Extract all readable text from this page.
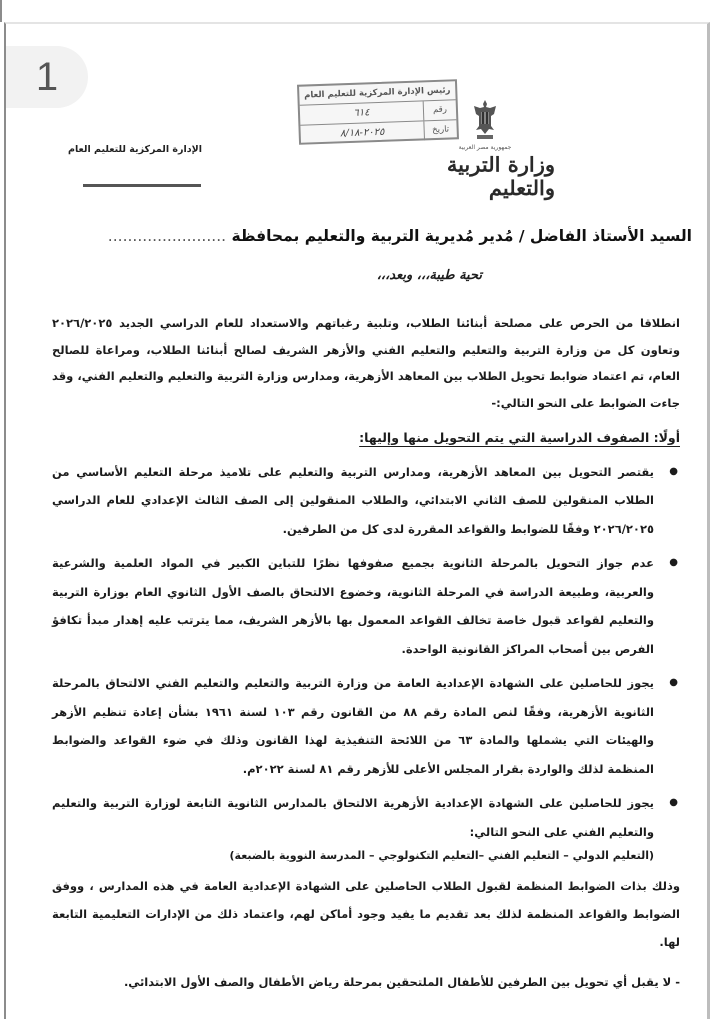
1
جمهورية مصر العربية
وزارة التربية والتعليم
رئيس الإدارة المركزية للتعليم العام
رقم
٦١٤
تاريخ
٢٠٢٥-٨/١٨
الإدارة المركزية للتعليم العام
السيد الأستاذ الفاضل / مُدير مُديرية التربية والتعليم بمحافظة ........................
تحية طيبة،،، وبعد،،،

انطلاقا من الحرص على مصلحة أبنائنا الطلاب، وتلبية رغباتهم والاستعداد للعام الدراسي الجديد ٢٠٢٦/٢٠٢٥ وتعاون كل من وزارة التربية والتعليم والتعليم الفني والأزهر الشريف لصالح أبنائنا الطلاب، ومراعاة للصالح العام، تم اعتماد ضوابط تحويل الطلاب بين المعاهد الأزهرية، ومدارس وزارة التربية والتعليم والتعليم الفني، وقد جاءت الضوابط على النحو التالي:-

أولًا: الصفوف الدراسية التي يتم التحويل منها وإليها:
●
يقتصر التحويل بين المعاهد الأزهرية، ومدارس التربية والتعليم على تلاميذ مرحلة التعليم الأساسي من الطلاب المنقولين للصف الثاني الابتدائي، والطلاب المنقولين إلى الصف الثالث الإعدادي للعام الدراسي ٢٠٢٦/٢٠٢٥ وفقًا للضوابط والقواعد المقررة لدى كل من الطرفين.
●
عدم جواز التحويل بالمرحلة الثانوية بجميع صفوفها نظرًا للتباين الكبير في المواد العلمية والشرعية والعربية، وطبيعة الدراسة في المرحلة الثانوية، وخضوع الالتحاق بالصف الأول الثانوي العام بوزارة التربية والتعليم لقواعد قبول خاصة تخالف القواعد المعمول بها بالأزهر الشريف، مما يترتب عليه إهدار مبدأ تكافؤ الفرص بين أصحاب المراكز القانونية الواحدة.
●
يجوز للحاصلين على الشهادة الإعدادية العامة من وزارة التربية والتعليم والتعليم الفني الالتحاق بالمرحلة الثانوية الأزهرية، وفقًا لنص المادة رقم ٨٨ من القانون رقم ١٠٣ لسنة ١٩٦١ بشأن إعادة تنظيم الأزهر والهيئات التي يشملها والمادة ٦٣ من اللائحة التنفيذية لهذا القانون وذلك في ضوء القواعد والضوابط المنظمة لذلك والواردة بقرار المجلس الأعلى للأزهر رقم ٨١ لسنة ٢٠٢٢م.
●
يجوز للحاصلين على الشهادة الإعدادية الأزهرية الالتحاق بالمدارس الثانوية التابعة لوزارة التربية والتعليم والتعليم الفني على النحو التالي:
(التعليم الدولي – التعليم الفني –التعليم التكنولوجي – المدرسة النووية بالضبعة)

وذلك بذات الضوابط المنظمة لقبول الطلاب الحاصلين على الشهادة الإعدادية العامة في هذه المدارس ، ووفق الضوابط والقواعد المنظمة لذلك بعد تقديم ما يفيد وجود أماكن لهم، واعتماد ذلك من الإدارات التعليمية التابعة لها.

- لا يقبل أي تحويل بين الطرفين للأطفال الملتحقين بمرحلة رياض الأطفال والصف الأول الابتدائي.
